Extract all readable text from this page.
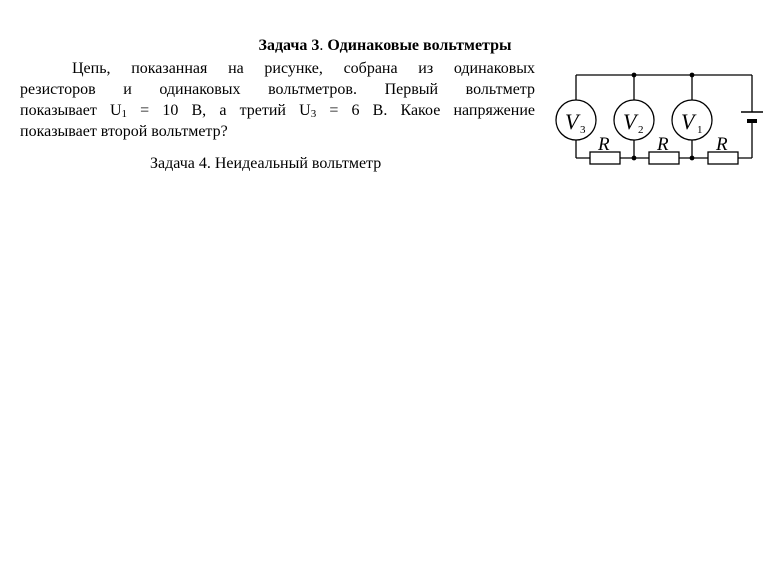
Задача 3. Одинаковые вольтметры
Цепь, показанная на рисунке, собрана из одинаковых
резисторов и одинаковых вольтметров. Первый вольтметр
показывает $U_1 = 10$ В, а третий $U_3 = 6$ В. Какое напряжение
показывает второй вольтметр?	V 3 V 2 V 1
R R R
Задача 4. Неидеальный вольтметр
